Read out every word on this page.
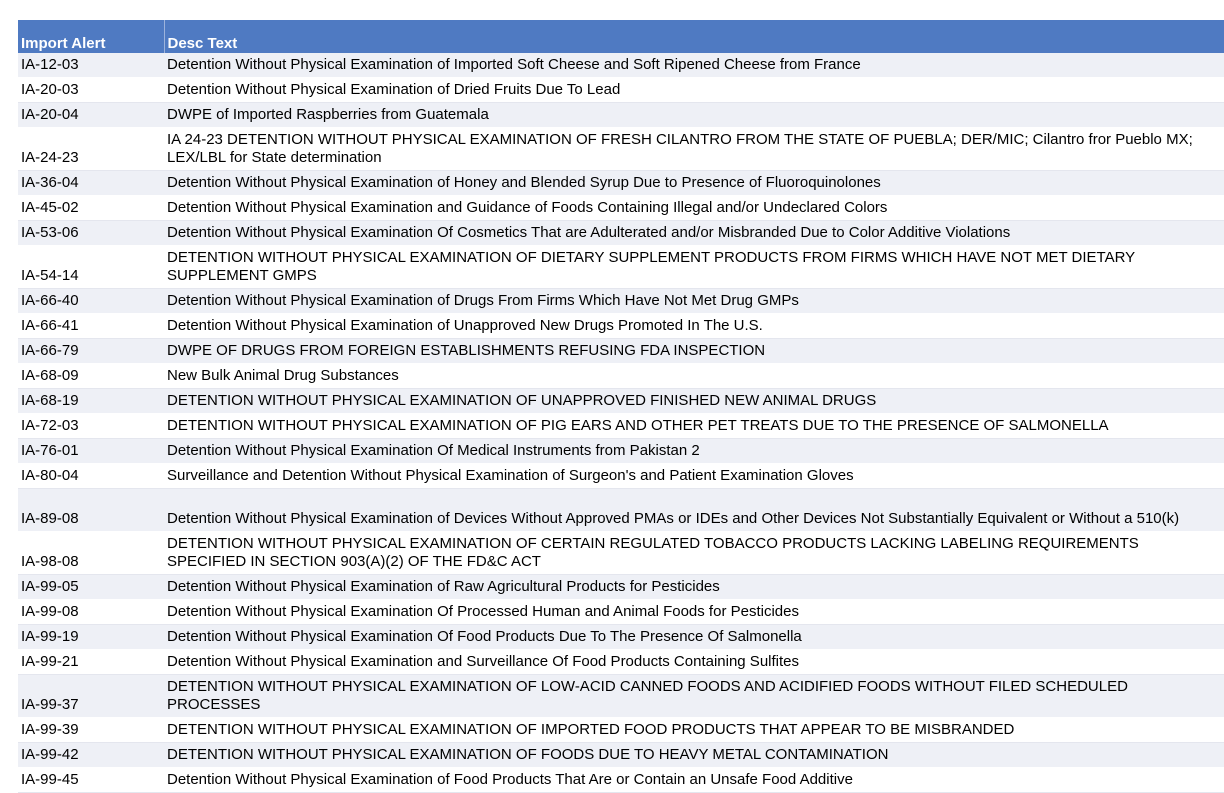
Import Alert	Desc Text
IA-12-03	Detention Without Physical Examination of Imported Soft Cheese and Soft Ripened Cheese from France
IA-20-03	Detention Without Physical Examination of Dried Fruits Due To Lead
IA-20-04	DWPE of Imported Raspberries from Guatemala
IA-24-23	IA 24-23 DETENTION WITHOUT PHYSICAL EXAMINATION OF FRESH CILANTRO FROM THE STATE OF PUEBLA; DER/MIC; Cilantro fror Pueblo MX; LEX/LBL for State determination
IA-36-04	Detention Without Physical Examination of Honey and Blended Syrup Due to Presence of Fluoroquinolones
IA-45-02	Detention Without Physical Examination and Guidance of Foods Containing Illegal and/or Undeclared Colors
IA-53-06	Detention Without Physical Examination Of Cosmetics That are Adulterated and/or Misbranded Due to Color Additive Violations
IA-54-14	DETENTION WITHOUT PHYSICAL EXAMINATION OF DIETARY SUPPLEMENT PRODUCTS FROM FIRMS WHICH HAVE NOT MET DIETARY SUPPLEMENT GMPS
IA-66-40	Detention Without Physical Examination of Drugs From Firms Which Have Not Met Drug GMPs
IA-66-41	Detention Without Physical Examination of Unapproved New Drugs Promoted In The U.S.
IA-66-79	DWPE OF DRUGS FROM FOREIGN ESTABLISHMENTS REFUSING FDA INSPECTION
IA-68-09	New Bulk Animal Drug Substances
IA-68-19	DETENTION WITHOUT PHYSICAL EXAMINATION OF UNAPPROVED FINISHED NEW ANIMAL DRUGS
IA-72-03	DETENTION WITHOUT PHYSICAL EXAMINATION OF PIG EARS AND OTHER PET TREATS DUE TO THE PRESENCE OF SALMONELLA
IA-76-01	Detention Without Physical Examination Of Medical Instruments from Pakistan 2
IA-80-04	Surveillance and Detention Without Physical Examination of Surgeon's and Patient Examination Gloves
IA-89-08	Detention Without Physical Examination of Devices Without Approved PMAs or IDEs and Other Devices Not Substantially Equivalent or Without a 510(k)
IA-98-08	DETENTION WITHOUT PHYSICAL EXAMINATION OF CERTAIN REGULATED TOBACCO PRODUCTS LACKING LABELING REQUIREMENTS SPECIFIED IN SECTION 903(A)(2) OF THE FD&C ACT
IA-99-05	Detention Without Physical Examination of Raw Agricultural Products for Pesticides
IA-99-08	Detention Without Physical Examination Of Processed Human and Animal Foods for Pesticides
IA-99-19	Detention Without Physical Examination Of Food Products Due To The Presence Of Salmonella
IA-99-21	Detention Without Physical Examination and Surveillance Of Food Products Containing Sulfites
IA-99-37	DETENTION WITHOUT PHYSICAL EXAMINATION OF LOW-ACID CANNED FOODS AND ACIDIFIED FOODS WITHOUT FILED SCHEDULED PROCESSES
IA-99-39	DETENTION WITHOUT PHYSICAL EXAMINATION OF IMPORTED FOOD PRODUCTS THAT APPEAR TO BE MISBRANDED
IA-99-42	DETENTION WITHOUT PHYSICAL EXAMINATION OF FOODS DUE TO HEAVY METAL CONTAMINATION
IA-99-45	Detention Without Physical Examination of Food Products That Are or Contain an Unsafe Food Additive
